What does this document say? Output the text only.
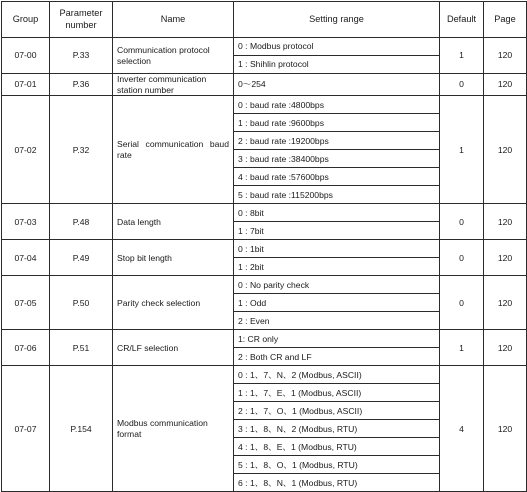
Group	Parameter number	Name	Setting range	Default	Page
07-00	P.33	Communication protocol selection	0 : Modbus protocol	1	120
			1 : Shihlin protocol		
07-01	P.36	Inverter communication station number	0～254	0	120
07-02	P.32	Serial communication baud rate	0 : baud rate :4800bps	1	120
			1 : baud rate :9600bps		
			2 : baud rate :19200bps		
			3 : baud rate :38400bps		
			4 : baud rate :57600bps		
			5 : baud rate :115200bps		
07-03	P.48	Data length	0 : 8bit	0	120
			1 : 7bit		
07-04	P.49	Stop bit length	0 : 1bit	0	120
			1 : 2bit		
07-05	P.50	Parity check selection	0 : No parity check	0	120
			1 : Odd		
			2 : Even		
07-06	P.51	CR/LF selection	1: CR only	1	120
			2 : Both CR and LF		
07-07	P.154	Modbus communication format	0 : 1、7、N、2 (Modbus, ASCII)	4	120
			1 : 1、7、E、1 (Modbus, ASCII)		
			2 : 1、7、O、1 (Modbus, ASCII)		
			3 : 1、8、N、2 (Modbus, RTU)		
			4 : 1、8、E、1 (Modbus, RTU)		
			5 : 1、8、O、1 (Modbus, RTU)		
			6 : 1、8、N、1 (Modbus, RTU)		
